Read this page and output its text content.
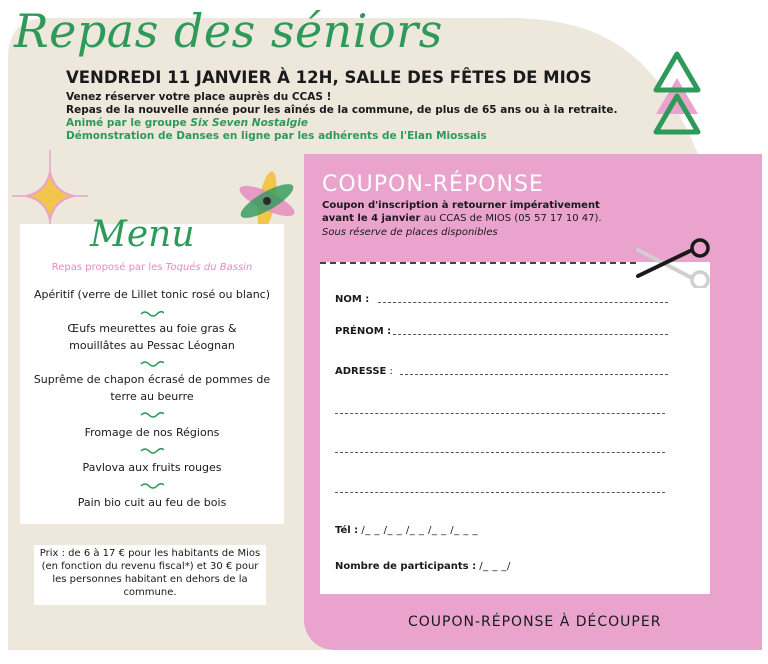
Repas des séniors
VENDREDI 11 JANVIER À 12H, SALLE DES FÊTES DE MIOS
Venez réserver votre place auprès du CCAS !
Repas de la nouvelle année pour les aînés de la commune, de plus de 65 ans ou à la retraite.
Animé par le groupe Six Seven Nostalgie
Démonstration de Danses en ligne par les adhérents de l'Elan Miossais
Menu
Repas proposé par les Toqués du Bassin
Apéritif (verre de Lillet tonic rosé ou blanc)
Œufs meurettes au foie gras & mouillâtes au Pessac Léognan
Suprême de chapon écrasé de pommes de terre au beurre
Fromage de nos Régions
Pavlova aux fruits rouges
Pain bio cuit au feu de bois
Prix : de 6 à 17 € pour les habitants de Mios (en fonction du revenu fiscal*) et 30 € pour les personnes habitant en dehors de la commune.
COUPON-RÉPONSE
Coupon d'inscription à retourner impérativement
avant le 4 janvier au CCAS de MIOS (05 57 17 10 47).
Sous réserve de places disponibles
NOM :
PRÉNOM :
ADRESSE :
Tél : /_ _ /_ _ /_ _ /_ _ /_ _ _
Nombre de participants : /_ _ _/
COUPON-RÉPONSE À DÉCOUPER
